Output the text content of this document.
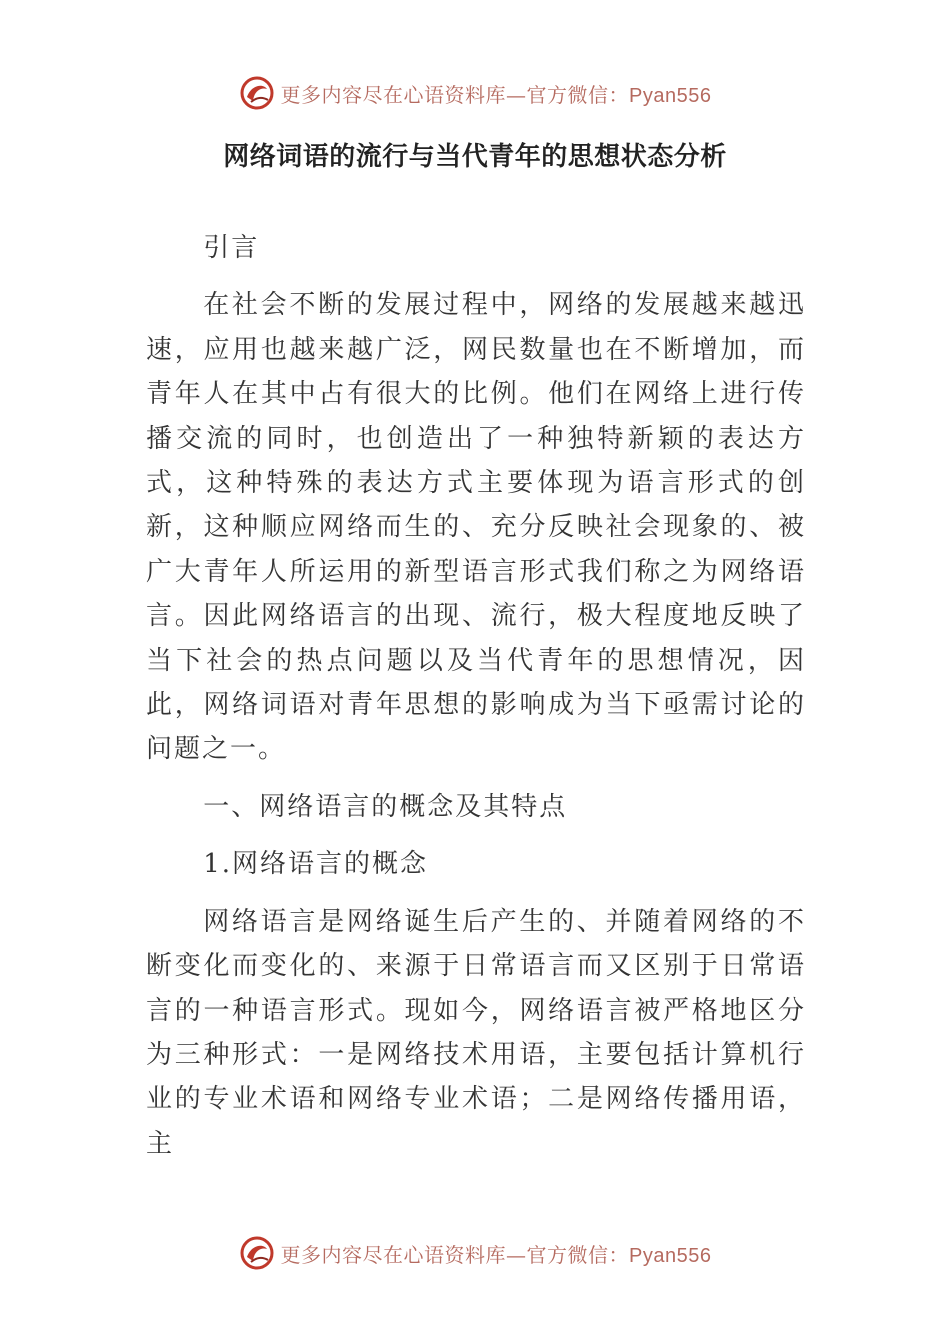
更多内容尽在心语资料库—官方微信：Pyan556
网络词语的流行与当代青年的思想状态分析

引言

在社会不断的发展过程中，网络的发展越来越迅速，应用也越来越广泛，网民数量也在不断增加，而青年人在其中占有很大的比例。他们在网络上进行传播交流的同时，也创造出了一种独特新颖的表达方式，这种特殊的表达方式主要体现为语言形式的创新，这种顺应网络而生的、充分反映社会现象的、被广大青年人所运用的新型语言形式我们称之为网络语言。因此网络语言的出现、流行，极大程度地反映了当下社会的热点问题以及当代青年的思想情况，因此，网络词语对青年思想的影响成为当下亟需讨论的问题之一。

一、网络语言的概念及其特点

1.网络语言的概念

网络语言是网络诞生后产生的、并随着网络的不断变化而变化的、来源于日常语言而又区别于日常语言的一种语言形式。现如今，网络语言被严格地区分为三种形式：一是网络技术用语，主要包括计算机行业的专业术语和网络专业术语；二是网络传播用语，主

更多内容尽在心语资料库—官方微信：Pyan556
